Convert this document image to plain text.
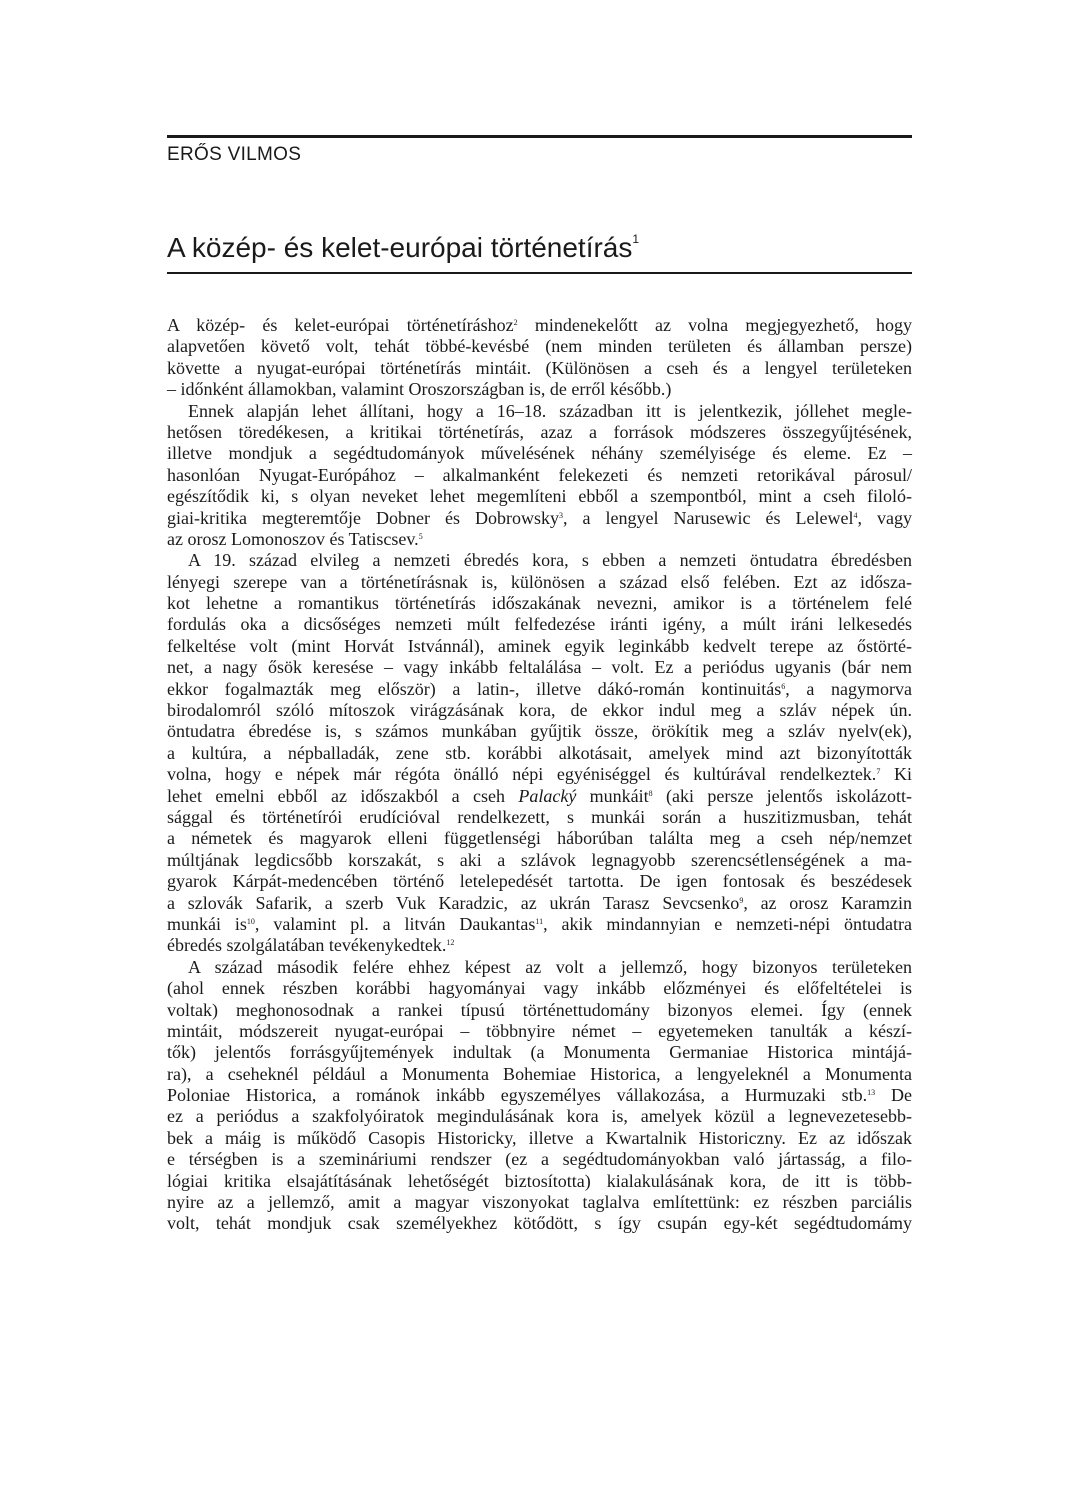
ERŐS VILMOS
A közép- és kelet-európai történetírás$^1$
A közép- és kelet-európai történetíráshoz$^2$ mindenekelőtt az volna megjegyezhető, hogy
alapvetően követő volt, tehát többé-kevésbé (nem minden területen és államban persze)
követte a nyugat-európai történetírás mintáit. (Különösen a cseh és a lengyel területeken
– időnként államokban, valamint Oroszországban is, de erről később.)
Ennek alapján lehet állítani, hogy a 16–18. században itt is jelentkezik, jóllehet megle-
hetősen töredékesen, a kritikai történetírás, azaz a források módszeres összegyűjtésének,
illetve mondjuk a segédtudományok művelésének néhány személyisége és eleme. Ez –
hasonlóan Nyugat-Európához – alkalmanként felekezeti és nemzeti retorikával párosul/
egészítődik ki, s olyan neveket lehet megemlíteni ebből a szempontból, mint a cseh filoló-
giai-kritika megteremtője Dobner és Dobrowsky$^3$, a lengyel Narusewic és Lelewel$^4$, vagy
az orosz Lomonoszov és Tatiscsev.$^5$
A 19. század elvileg a nemzeti ébredés kora, s ebben a nemzeti öntudatra ébredésben
lényegi szerepe van a történetírásnak is, különösen a század első felében. Ezt az idősza-
kot lehetne a romantikus történetírás időszakának nevezni, amikor is a történelem felé
fordulás oka a dicsőséges nemzeti múlt felfedezése iránti igény, a múlt iráni lelkesedés
felkeltése volt (mint Horvát Istvánnál), aminek egyik leginkább kedvelt terepe az őstörté-
net, a nagy ősök keresése – vagy inkább feltalálása – volt. Ez a periódus ugyanis (bár nem
ekkor fogalmazták meg először) a latin-, illetve dákó-román kontinuitás$^6$, a nagymorva
birodalomról szóló mítoszok virágzásának kora, de ekkor indul meg a szláv népek ún.
öntudatra ébredése is, s számos munkában gyűjtik össze, örökítik meg a szláv nyelv(ek),
a kultúra, a népballadák, zene stb. korábbi alkotásait, amelyek mind azt bizonyították
volna, hogy e népek már régóta önálló népi egyéniséggel és kultúrával rendelkeztek.$^7$ Ki
lehet emelni ebből az időszakból a cseh Palacký munkáit$^8$ (aki persze jelentős iskolázott-
sággal és történetírói erudícióval rendelkezett, s munkái során a huszitizmusban, tehát
a németek és magyarok elleni függetlenségi háborúban találta meg a cseh nép/nemzet
múltjának legdicsőbb korszakát, s aki a szlávok legnagyobb szerencsétlenségének a ma-
gyarok Kárpát-medencében történő letelepedését tartotta. De igen fontosak és beszédesek
a szlovák Safarik, a szerb Vuk Karadzic, az ukrán Tarasz Sevcsenko$^9$, az orosz Karamzin
munkái $is^{10}$, valamint pl. a litván Daukantas$^{11}$, akik mindannyian e nemzeti-népi öntudatra
ébredés szolgálatában tevékenykedtek.$^{12}$
A század második felére ehhez képest az volt a jellemző, hogy bizonyos területeken
(ahol ennek részben korábbi hagyományai vagy inkább előzményei és előfeltételei is
voltak) meghonosodnak a rankei típusú történettudomány bizonyos elemei. Így (ennek
mintáit, módszereit nyugat-európai – többnyire német – egyetemeken tanulták a készí-
tők) jelentős forrásgyűjtemények indultak (a Monumenta Germaniae Historica mintájá-
ra), a cseheknél például a Monumenta Bohemiae Historica, a lengyeleknél a Monumenta
Poloniae Historica, a románok inkább egyszemélyes vállakozása, a Hurmuzaki stb.$^{13}$ De
ez a periódus a szakfolyóiratok megindulásának kora is, amelyek közül a legnevezetesebb-
bek a máig is működő Casopis Historicky, illetve a Kwartalnik Historiczny. Ez az időszak
e térségben is a szemináriumi rendszer (ez a segédtudományokban való jártasság, a filo-
lógiai kritika elsajátításának lehetőségét biztosította) kialakulásának kora, de itt is több-
nyire az a jellemző, amit a magyar viszonyokat taglalva említettünk: ez részben parciális
volt, tehát mondjuk csak személyekhez kötődött, s így csupán egy-két segédtudomámy
